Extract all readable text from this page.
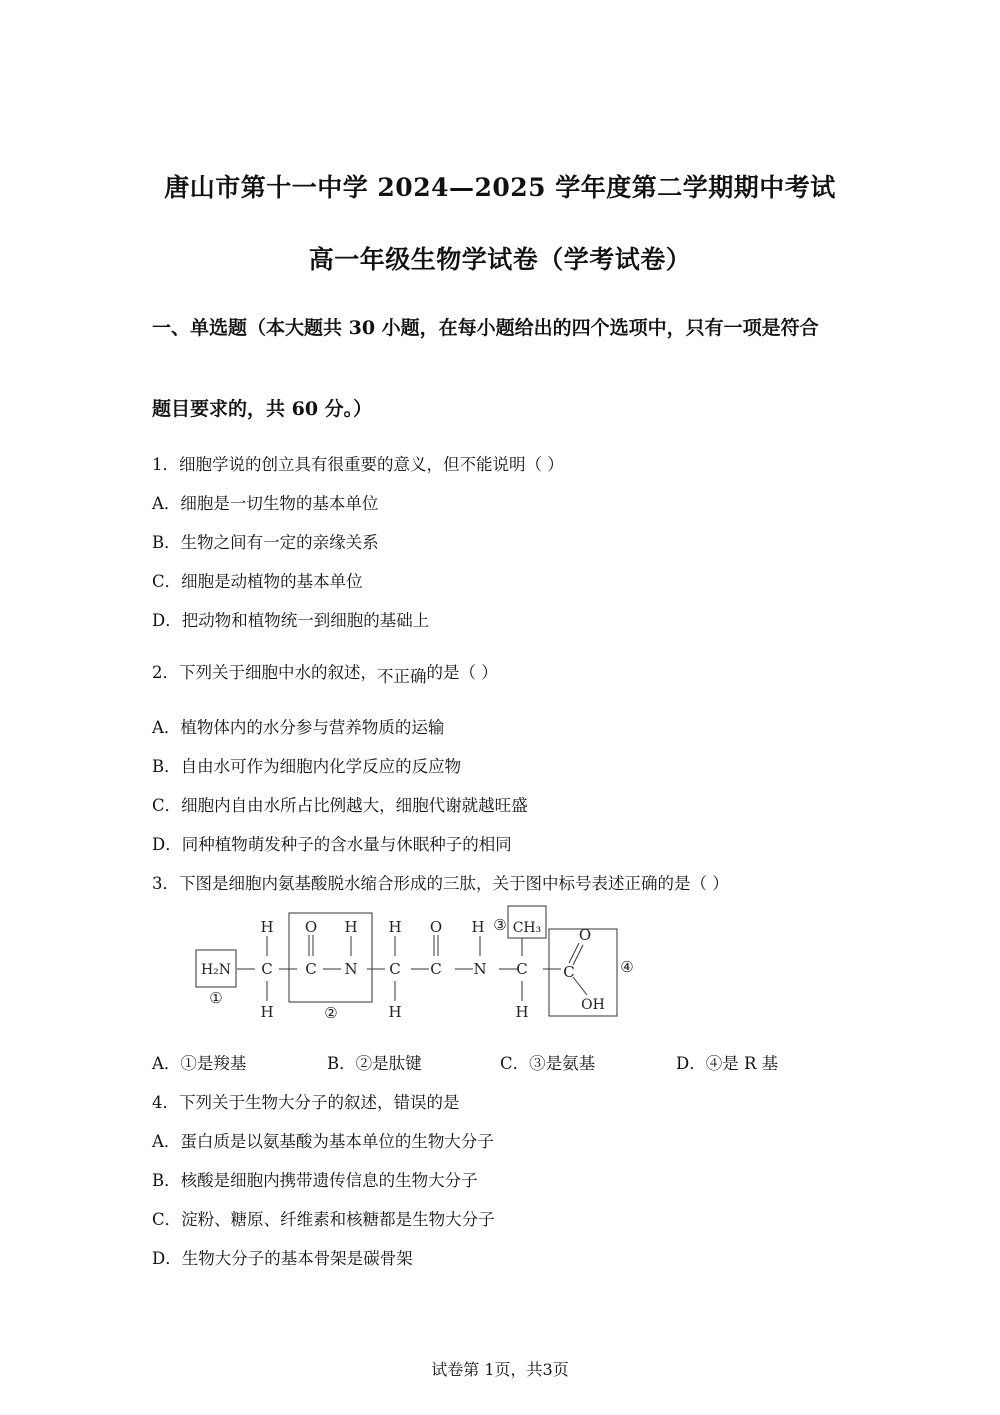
唐山市第十一中学 2024—2025 学年度第二学期期中考试
高一年级生物学试卷（学考试卷）
一、单选题（本大题共 30 小题，在每小题给出的四个选项中，只有一项是符合
题目要求的，共 60 分。）
1．细胞学说的创立具有很重要的意义，但不能说明（ ）
A．细胞是一切生物的基本单位
B．生物之间有一定的亲缘关系
C．细胞是动植物的基本单位
D．把动物和植物统一到细胞的基础上
2．下列关于细胞中水的叙述，不正确的是（ ）
A．植物体内的水分参与营养物质的运输
B．自由水可作为细胞内化学反应的反应物
C．细胞内自由水所占比例越大，细胞代谢就越旺盛
D．同种植物萌发种子的含水量与休眠种子的相同
3．下图是细胞内氨基酸脱水缩合形成的三肽，关于图中标号表述正确的是（ ）
H₂N C
H
H
C
O
N
H
C
H
H
C
O
N
H
C
CH₃
H
C
O
OH
①
②
③
④
A．①是羧基	B．②是肽键	C．③是氨基	D．④是 R 基
4．下列关于生物大分子的叙述，错误的是
A．蛋白质是以氨基酸为基本单位的生物大分子
B．核酸是细胞内携带遗传信息的生物大分子
C．淀粉、糖原、纤维素和核糖都是生物大分子
D．生物大分子的基本骨架是碳骨架
试卷第 1页，共3页
